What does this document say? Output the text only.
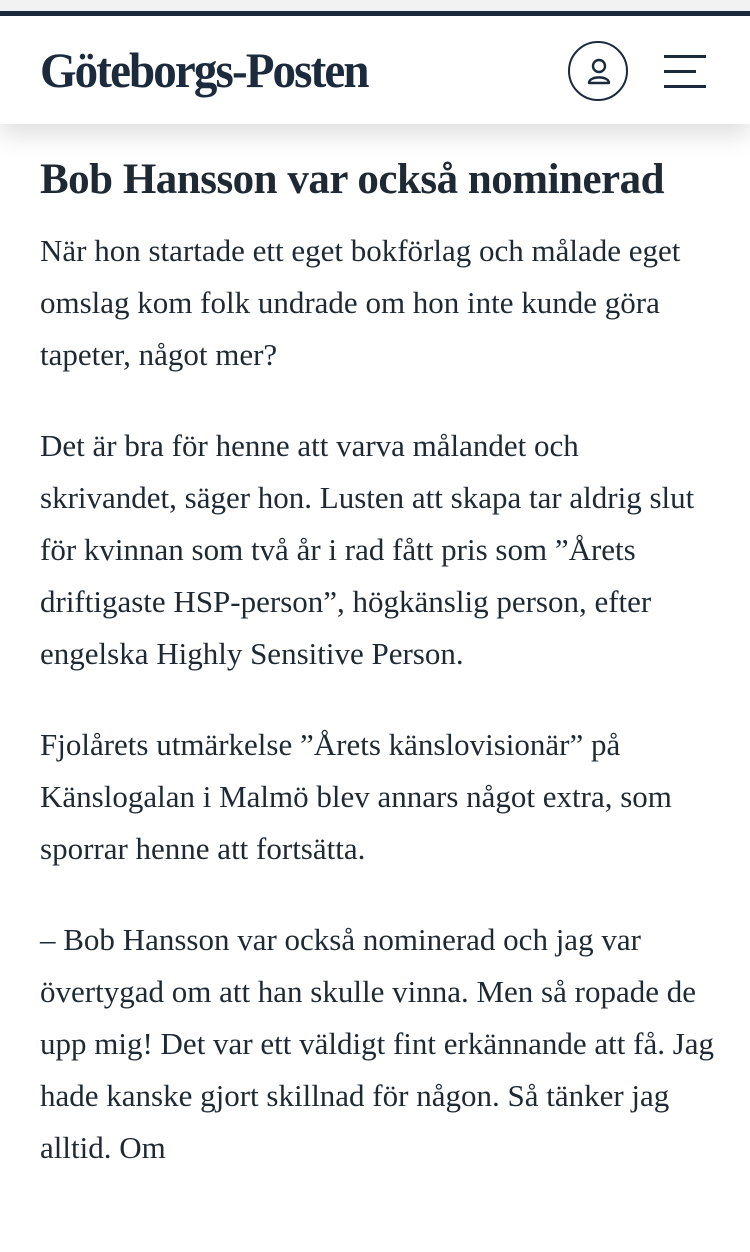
Göteborgs-Posten
Bob Hansson var också nominerad

När hon startade ett eget bokförlag och målade eget omslag kom folk undrade om hon inte kunde göra tapeter, något mer?

Det är bra för henne att varva målandet och skrivandet, säger hon. Lusten att skapa tar aldrig slut för kvinnan som två år i rad fått pris som ”Årets driftigaste HSP-person”, högkänslig person, efter engelska Highly Sensitive Person.

Fjolårets utmärkelse ”Årets känslovisionär” på Känslogalan i Malmö blev annars något extra, som sporrar henne att fortsätta.

– Bob Hansson var också nominerad och jag var övertygad om att han skulle vinna. Men så ropade de upp mig! Det var ett väldigt fint erkännande att få. Jag hade kanske gjort skillnad för någon. Så tänker jag alltid. Om
